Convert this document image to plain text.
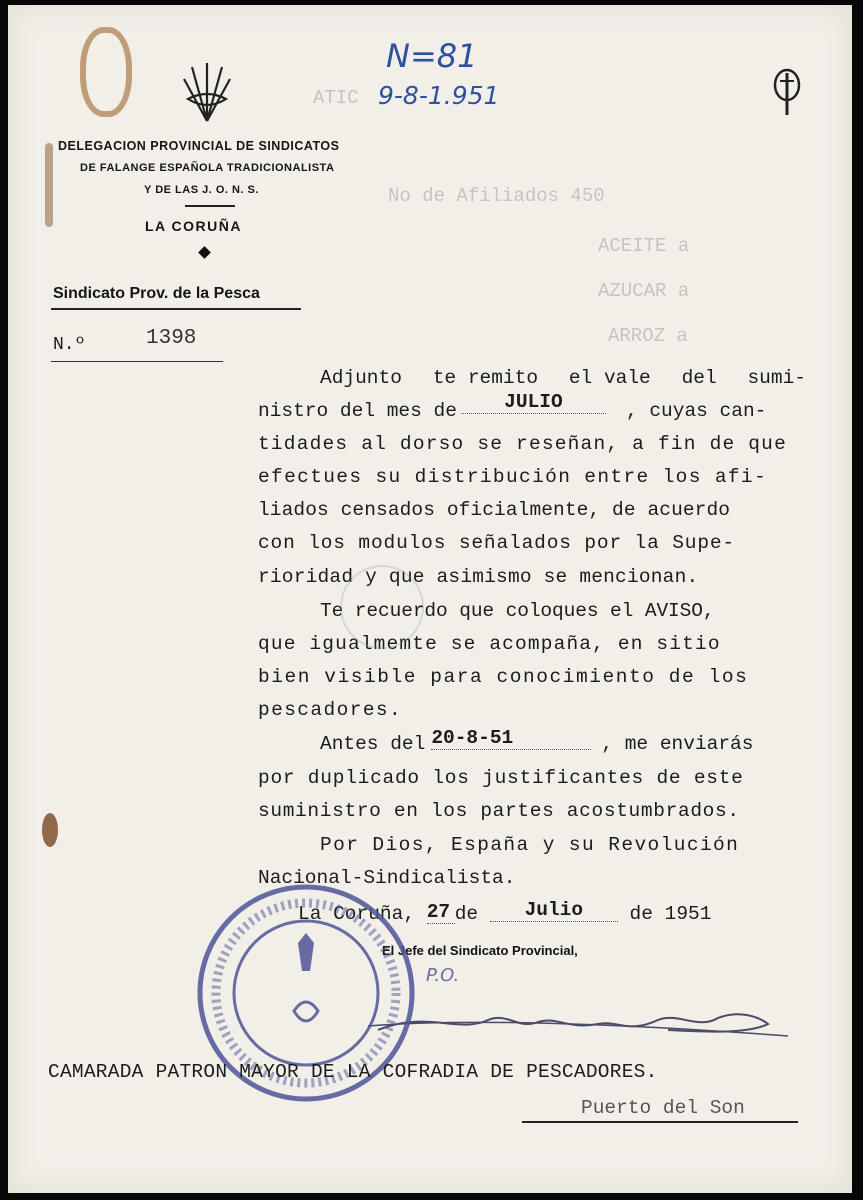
N=81
9-8-1.951
ATIC
No de Afiliados 450
ACEITE a
AZUCAR a
ARROZ a
DELEGACION PROVINCIAL DE SINDICATOS
DE FALANGE ESPAÑOLA TRADICIONALISTA
Y DE LAS J. O. N. S.
LA CORUÑA
Sindicato Prov. de la Pesca
N.º	1398
Adjunto te remito el vale del sumi-
nistro del mes de	JULIO	, cuyas can-
tidades al dorso se reseñan, a fin de que
efectues su distribución entre los afi-
liados censados oficialmente, de acuerdo
con los modulos señalados por la Supe-
rioridad y que asimismo se mencionan.
Te recuerdo que coloques el AVISO,
que igualmemte se acompaña, en sitio
bien visible para conocimiento de los
pescadores.
Antes del 20-8-51	, me enviarás
por duplicado los justificantes de este
suministro en los partes acostumbrados.
Por Dios, España y su Revolución
Nacional-Sindicalista.
La Coruña, 27 de Julio de 1951
El Jefe del Sindicato Provincial,
P.O.
CAMARADA PATRON MAYOR DE LA COFRADIA DE PESCADORES.
Puerto del Son
